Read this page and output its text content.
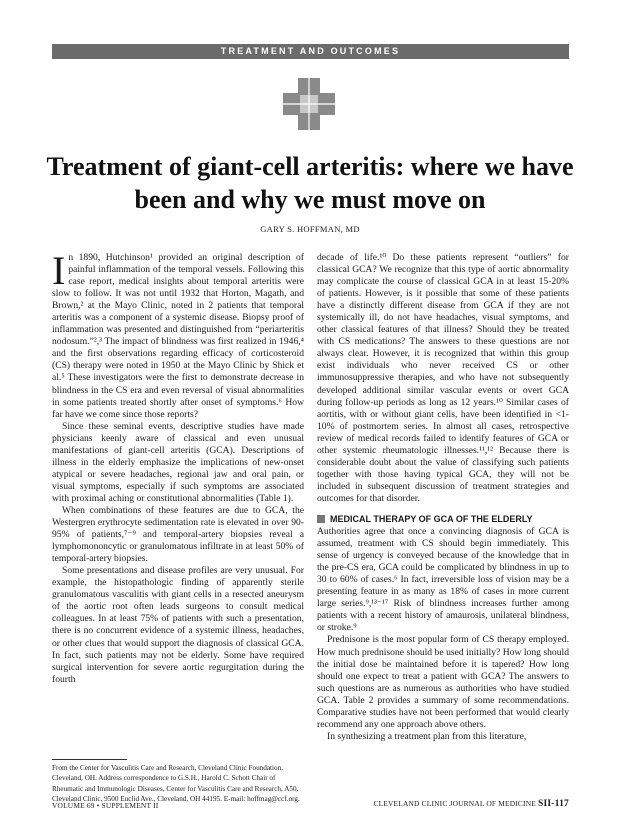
TREATMENT AND OUTCOMES
Treatment of giant-cell arteritis: where we have been and why we must move on
GARY S. HOFFMAN, MD

In 1890, Hutchinson¹ provided an original description of painful inflammation of the temporal vessels. Following this case report, medical insights about temporal arteritis were slow to follow. It was not until 1932 that Horton, Magath, and Brown,² at the Mayo Clinic, noted in 2 patients that temporal arteritis was a component of a systemic disease. Biopsy proof of inflammation was presented and distinguished from “periarteritis nodosum.”²,³ The impact of blindness was first realized in 1946,⁴ and the first observations regarding efficacy of corticosteroid (CS) therapy were noted in 1950 at the Mayo Clinic by Shick et al.⁵ These investigators were the first to demonstrate decrease in blindness in the CS era and even reversal of visual abnormalities in some patients treated shortly after onset of symptoms.⁶ How far have we come since those reports?

Since these seminal events, descriptive studies have made physicians keenly aware of classical and even unusual manifestations of giant-cell arteritis (GCA). Descriptions of illness in the elderly emphasize the implications of new-onset atypical or severe headaches, regional jaw and oral pain, or visual symptoms, especially if such symptoms are associated with proximal aching or constitutional abnormalities (Table 1).

When combinations of these features are due to GCA, the Westergren erythrocyte sedimentation rate is elevated in over 90-95% of patients,⁷⁻⁹ and temporal-artery biopsies reveal a lymphomononcytic or granulomatous infiltrate in at least 50% of temporal-artery biopsies.

Some presentations and disease profiles are very unusual. For example, the histopathologic finding of apparently sterile granulomatous vasculitis with giant cells in a resected aneurysm of the aortic root often leads surgeons to consult medical colleagues. In at least 75% of patients with such a presentation, there is no concurrent evidence of a systemic illness, headaches, or other clues that would support the diagnosis of classical GCA. In fact, such patients may not be elderly. Some have required surgical intervention for severe aortic regurgitation during the fourth

decade of life.¹⁰ Do these patients represent “outliers” for classical GCA? We recognize that this type of aortic abnormality may complicate the course of classical GCA in at least 15-20% of patients. However, is it possible that some of these patients have a distinctly different disease from GCA if they are not systemically ill, do not have headaches, visual symptoms, and other classical features of that illness? Should they be treated with CS medications? The answers to these questions are not always clear. However, it is recognized that within this group exist individuals who never received CS or other immunosuppressive therapies, and who have not subsequently developed additional similar vascular events or overt GCA during follow-up periods as long as 12 years.¹⁰ Similar cases of aortitis, with or without giant cells, have been identified in <1-10% of postmortem series. In almost all cases, retrospective review of medical records failed to identify features of GCA or other systemic rheumatologic illnesses.¹¹,¹² Because there is considerable doubt about the value of classifying such patients together with those having typical GCA, they will not be included in subsequent discussion of treatment strategies and outcomes for that disorder.

MEDICAL THERAPY OF GCA OF THE ELDERLY

Authorities agree that once a convincing diagnosis of GCA is assumed, treatment with CS should begin immediately. This sense of urgency is conveyed because of the knowledge that in the pre-CS era, GCA could be complicated by blindness in up to 30 to 60% of cases.⁶ In fact, irreversible loss of vision may be a presenting feature in as many as 18% of cases in more current large series.⁹,¹³⁻¹⁷ Risk of blindness increases further among patients with a recent history of amaurosis, unilateral blindness, or stroke.⁹

Prednisone is the most popular form of CS therapy employed. How much prednisone should be used initially? How long should the initial dose be maintained before it is tapered? How long should one expect to treat a patient with GCA? The answers to such questions are as numerous as authorities who have studied GCA. Table 2 provides a summary of some recommendations. Comparative studies have not been performed that would clearly recommend any one approach above others.

In synthesizing a treatment plan from this literature,

From the Center for Vasculitis Care and Research, Cleveland Clinic Foundation, Cleveland, OH. Address correspondence to G.S.H., Harold C. Schott Chair of Rheumatic and Immunologic Diseases, Center for Vasculitis Care and Research, A50, Cleveland Clinic, 9500 Euclid Ave., Cleveland, OH 44195. E-mail: hoffmag@ccf.org.
VOLUME 69 • SUPPLEMENT II	CLEVELAND CLINIC JOURNAL OF MEDICINE SII-117
